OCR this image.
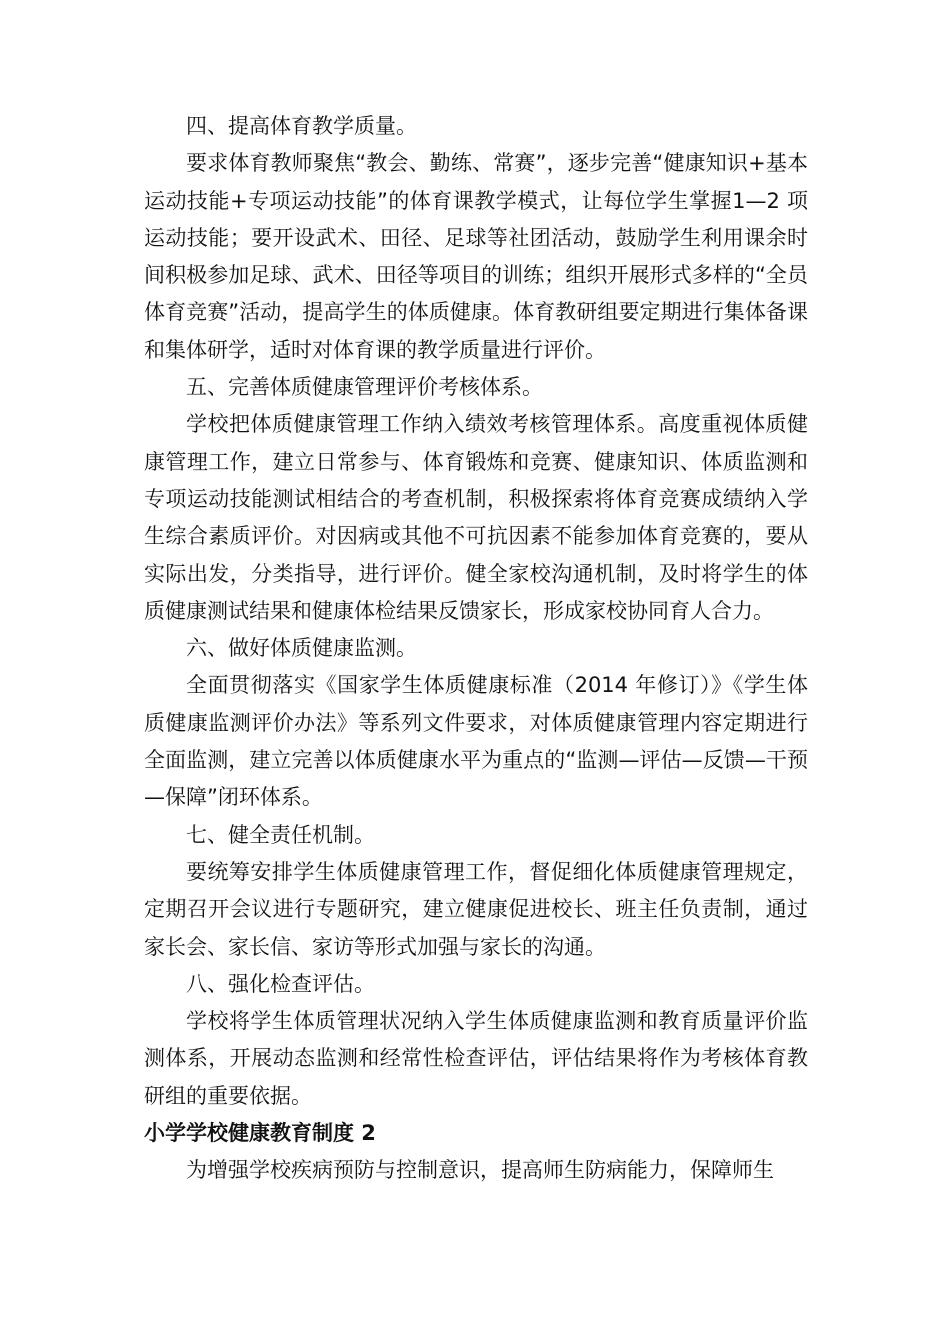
四、提高体育教学质量。

要求体育教师聚焦“教会、勤练、常赛”，逐步完善“健康知识+基本运动技能+专项运动技能”的体育课教学模式，让每位学生掌握1—2 项运动技能；要开设武术、田径、足球等社团活动，鼓励学生利用课余时间积极参加足球、武术、田径等项目的训练；组织开展形式多样的“全员体育竞赛”活动，提高学生的体质健康。体育教研组要定期进行集体备课和集体研学，适时对体育课的教学质量进行评价。

五、完善体质健康管理评价考核体系。

学校把体质健康管理工作纳入绩效考核管理体系。高度重视体质健康管理工作，建立日常参与、体育锻炼和竞赛、健康知识、体质监测和专项运动技能测试相结合的考查机制，积极探索将体育竞赛成绩纳入学生综合素质评价。对因病或其他不可抗因素不能参加体育竞赛的，要从实际出发，分类指导，进行评价。健全家校沟通机制，及时将学生的体质健康测试结果和健康体检结果反馈家长，形成家校协同育人合力。

六、做好体质健康监测。

全面贯彻落实《国家学生体质健康标准（2014 年修订）》《学生体质健康监测评价办法》等系列文件要求，对体质健康管理内容定期进行全面监测，建立完善以体质健康水平为重点的“监测—评估—反馈—干预—保障”闭环体系。

七、健全责任机制。

要统筹安排学生体质健康管理工作，督促细化体质健康管理规定，定期召开会议进行专题研究，建立健康促进校长、班主任负责制，通过家长会、家长信、家访等形式加强与家长的沟通。

八、强化检查评估。

学校将学生体质管理状况纳入学生体质健康监测和教育质量评价监测体系，开展动态监测和经常性检查评估，评估结果将作为考核体育教研组的重要依据。

小学学校健康教育制度 2

为增强学校疾病预防与控制意识，提高师生防病能力，保障师生
